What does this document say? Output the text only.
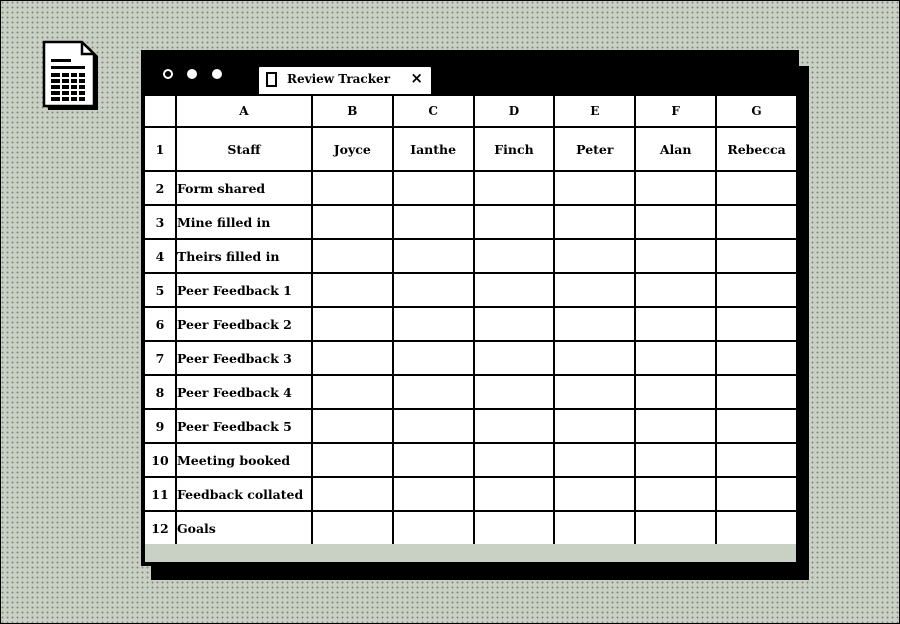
Review Tracker ×
	A	B	C	D	E	F	G
1	Staff	Joyce	Ianthe	Finch	Peter	Alan	Rebecca
2	Form shared						
3	Mine filled in						
4	Theirs filled in						
5	Peer Feedback 1						
6	Peer Feedback 2						
7	Peer Feedback 3						
8	Peer Feedback 4						
9	Peer Feedback 5						
10	Meeting booked						
11	Feedback collated						
12	Goals						
